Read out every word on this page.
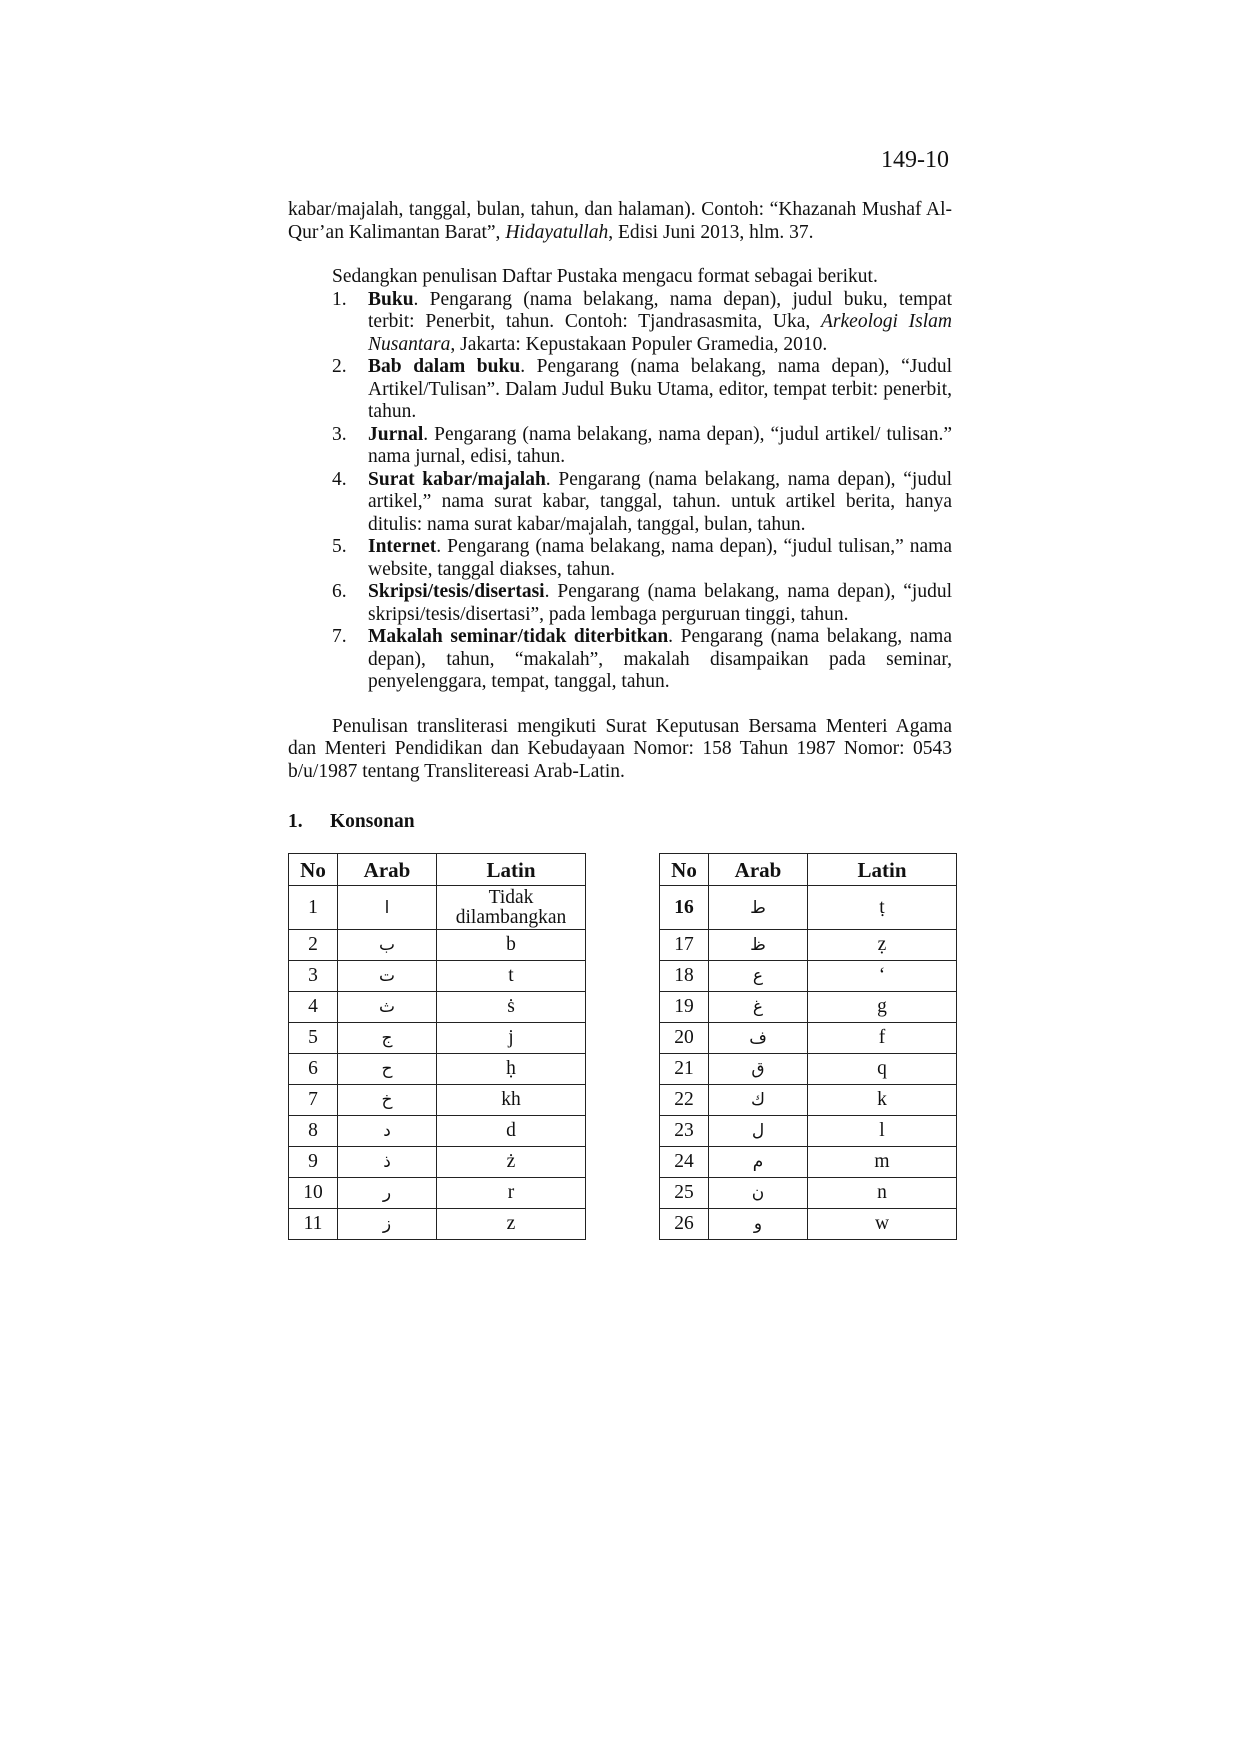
149-10

kabar/majalah, tanggal, bulan, tahun, dan halaman). Contoh: “Khazanah Mushaf Al-Qur’an Kalimantan Barat”, Hidayatullah, Edisi Juni 2013, hlm. 37.

Sedangkan penulisan Daftar Pustaka mengacu format sebagai berikut.

1. Buku. Pengarang (nama belakang, nama depan), judul buku, tempat terbit: Penerbit, tahun. Contoh: Tjandrasasmita, Uka, Arkeologi Islam Nusantara, Jakarta: Kepustakaan Populer Gramedia, 2010.
2. Bab dalam buku. Pengarang (nama belakang, nama depan), “Judul Artikel/Tulisan”. Dalam Judul Buku Utama, editor, tempat terbit: penerbit, tahun.
3. Jurnal. Pengarang (nama belakang, nama depan), “judul artikel/ tulisan.” nama jurnal, edisi, tahun.
4. Surat kabar/majalah. Pengarang (nama belakang, nama depan), “judul artikel,” nama surat kabar, tanggal, tahun. untuk artikel berita, hanya ditulis: nama surat kabar/majalah, tanggal, bulan, tahun.
5. Internet. Pengarang (nama belakang, nama depan), “judul tulisan,” nama website, tanggal diakses, tahun.
6. Skripsi/tesis/disertasi. Pengarang (nama belakang, nama depan), “judul skripsi/tesis/disertasi”, pada lembaga perguruan tinggi, tahun.
7. Makalah seminar/tidak diterbitkan. Pengarang (nama belakang, nama depan), tahun, “makalah”, makalah disampaikan pada seminar, penyelenggara, tempat, tanggal, tahun.

Penulisan transliterasi mengikuti Surat Keputusan Bersama Menteri Agama dan Menteri Pendidikan dan Kebudayaan Nomor: 158 Tahun 1987 Nomor: 0543 b/u/1987 tentang Translitereasi Arab-Latin.

1. Konsonan
No	Arab	Latin
1	ا	Tidak dilambangkan
2	ب	b
3	ت	t
4	ث	ṡ
5	ج	j
6	ح	ḥ
7	خ	kh
8	د	d
9	ذ	ż
10	ر	r
11	ز	z
No	Arab	Latin
16	ط	ṭ
17	ظ	ẓ
18	ع	‘
19	غ	g
20	ف	f
21	ق	q
22	ك	k
23	ل	l
24	م	m
25	ن	n
26	و	w
